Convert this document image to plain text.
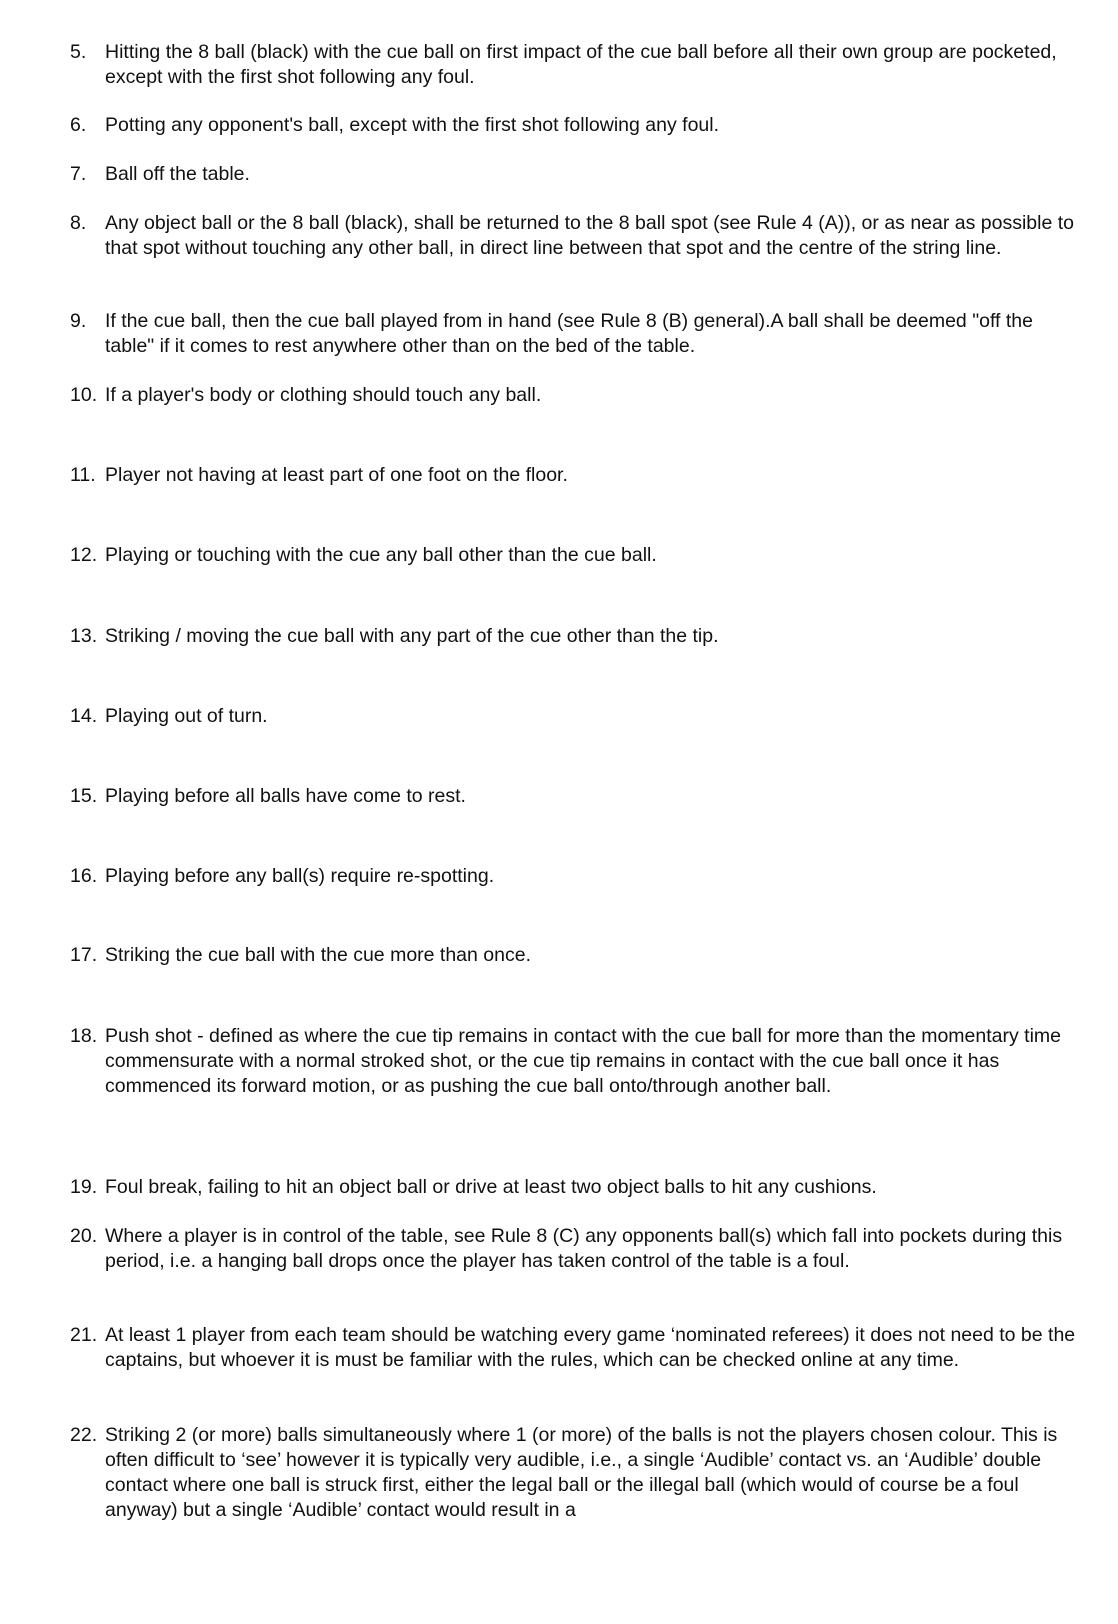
5. Hitting the 8 ball (black) with the cue ball on first impact of the cue ball before all their own group are pocketed, except with the first shot following any foul.
6. Potting any opponent's ball, except with the first shot following any foul.
7. Ball off the table.
8. Any object ball or the 8 ball (black), shall be returned to the 8 ball spot (see Rule 4 (A)), or as near as possible to that spot without touching any other ball, in direct line between that spot and the centre of the string line.
9. If the cue ball, then the cue ball played from in hand (see Rule 8 (B) general).A ball shall be deemed "off the table" if it comes to rest anywhere other than on the bed of the table.
10. If a player's body or clothing should touch any ball.
11. Player not having at least part of one foot on the floor.
12. Playing or touching with the cue any ball other than the cue ball.
13. Striking / moving the cue ball with any part of the cue other than the tip.
14. Playing out of turn.
15. Playing before all balls have come to rest.
16. Playing before any ball(s) require re-spotting.
17. Striking the cue ball with the cue more than once.
18. Push shot - defined as where the cue tip remains in contact with the cue ball for more than the momentary time commensurate with a normal stroked shot, or the cue tip remains in contact with the cue ball once it has commenced its forward motion, or as pushing the cue ball onto/through another ball.
19. Foul break, failing to hit an object ball or drive at least two object balls to hit any cushions.
20. Where a player is in control of the table, see Rule 8 (C) any opponents ball(s) which fall into pockets during this period, i.e. a hanging ball drops once the player has taken control of the table is a foul.
21. At least 1 player from each team should be watching every game ‘nominated referees) it does not need to be the captains, but whoever it is must be familiar with the rules, which can be checked online at any time.
22. Striking 2 (or more) balls simultaneously where 1 (or more) of the balls is not the players chosen colour. This is often difficult to ‘see’ however it is typically very audible, i.e., a single ‘Audible’ contact vs. an ‘Audible’ double contact where one ball is struck first, either the legal ball or the illegal ball (which would of course be a foul anyway) but a single ‘Audible’ contact would result in a
